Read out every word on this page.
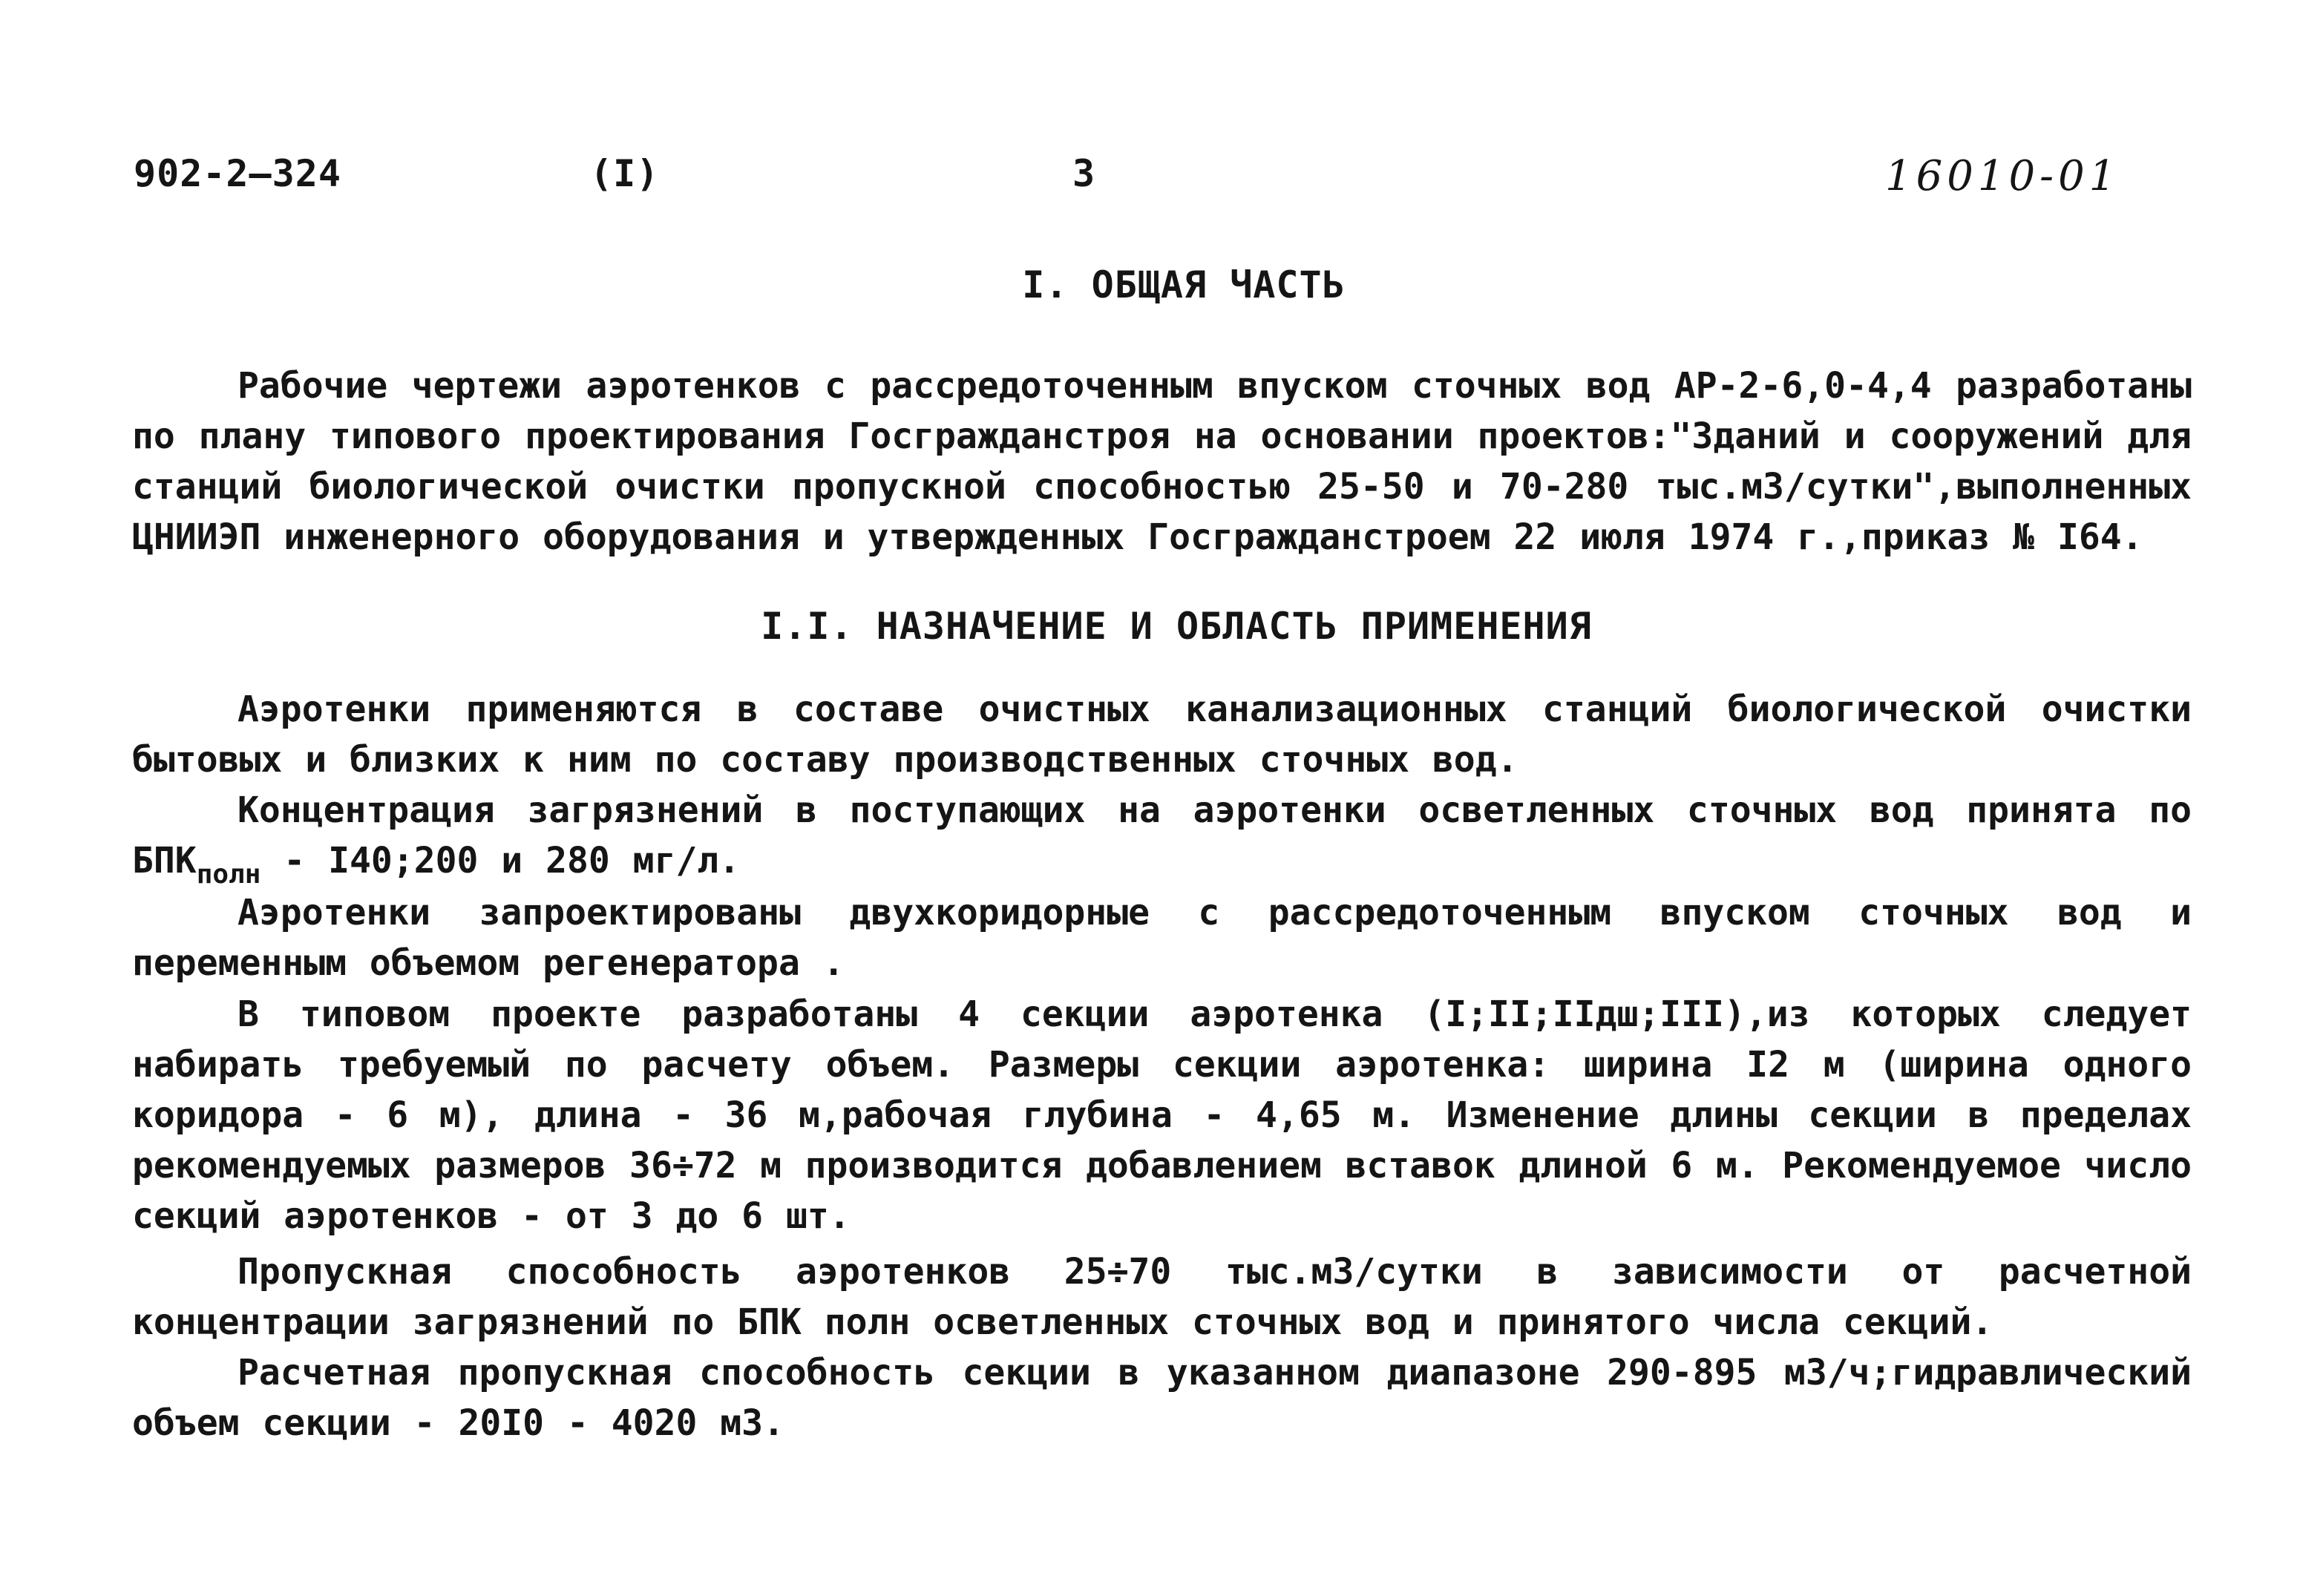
902-2—324	(I)	3	16010-01
I. ОБЩАЯ ЧАСТЬ

Рабочие чертежи аэротенков с рассредоточенным впуском сточных вод АР-2-6,0-4,4 разработаны по плану типового проектирования Госгражданстроя на основании проектов:"Зданий и сооружений для станций биологической очистки пропускной способностью 25-50 и 70-280 тыс.м3/сутки",выполненных ЦНИИЭП инженерного оборудования и утвержденных Госгражданстроем 22 июля 1974 г.,приказ № I64.

I.I. НАЗНАЧЕНИЕ И ОБЛАСТЬ ПРИМЕНЕНИЯ

Аэротенки применяются в составе очистных канализационных станций биологической очистки бытовых и близких к ним по составу производственных сточных вод.

Концентрация загрязнений в поступающих на аэротенки осветленных сточных вод принята по $БПК_{полн}$ - I40;200 и 280 мг/л.

Аэротенки запроектированы двухкоридорные с рассредоточенным впуском сточных вод и переменным объемом регенератора .

В типовом проекте разработаны 4 секции аэротенка (I;II;IIдш;III),из которых следует набирать требуемый по расчету объем. Размеры секции аэротенка: ширина I2 м (ширина одного коридора - 6 м), длина - 36 м,рабочая глубина - 4,65 м. Изменение длины секции в пределах рекомендуемых размеров 36÷72 м производится добавлением вставок длиной 6 м. Рекомендуемое число секций аэротенков - от 3 до 6 шт.

Пропускная способность аэротенков 25÷70 тыс.м3/сутки в зависимости от расчетной концентрации загрязнений по БПК полн осветленных сточных вод и принятого числа секций.

Расчетная пропускная способность секции в указанном диапазоне 290-895 м3/ч;гидравлический объем секции - 20I0 - 4020 м3.
